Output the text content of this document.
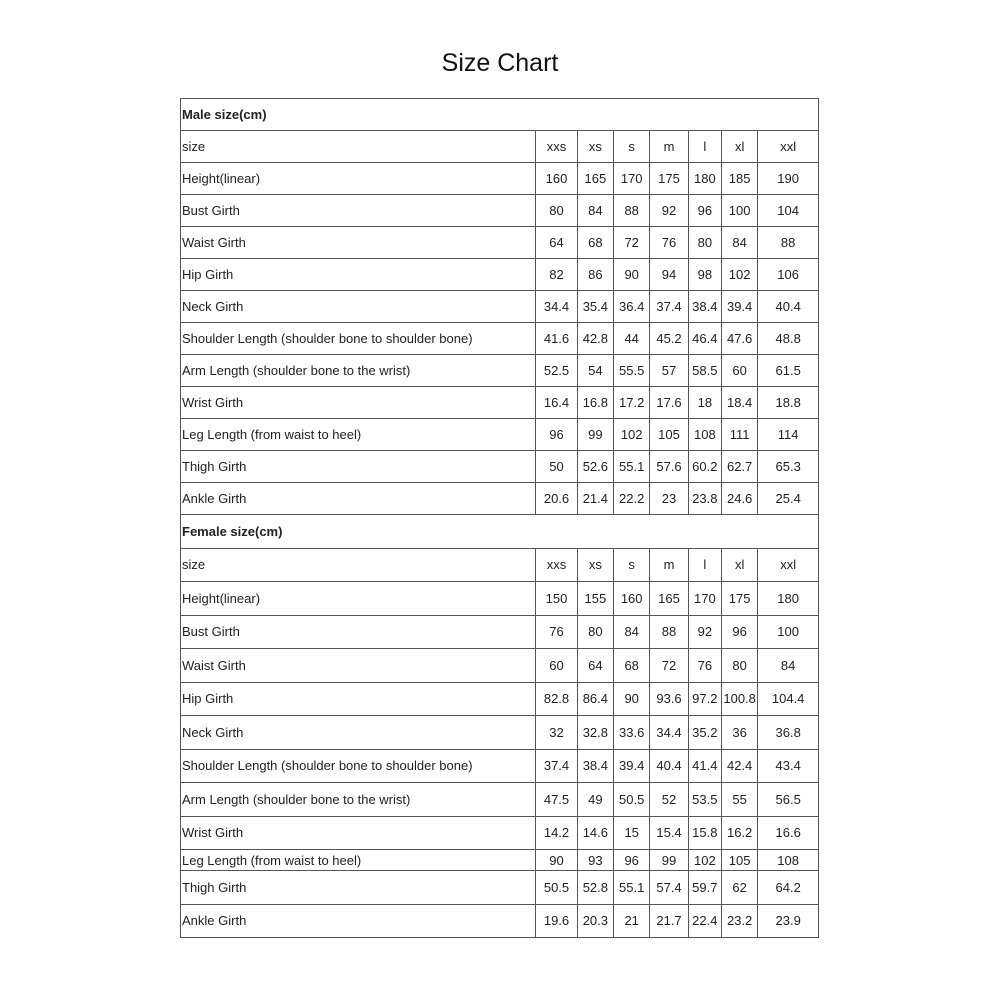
Size Chart
Male size(cm)							
size	xxs	xs	s	m	l	xl	xxl
Height(linear)	160	165	170	175	180	185	190
Bust Girth	80	84	88	92	96	100	104
Waist Girth	64	68	72	76	80	84	88
Hip Girth	82	86	90	94	98	102	106
Neck Girth	34.4	35.4	36.4	37.4	38.4	39.4	40.4
Shoulder Length (shoulder bone to shoulder bone)	41.6	42.8	44	45.2	46.4	47.6	48.8
Arm Length (shoulder bone to the wrist)	52.5	54	55.5	57	58.5	60	61.5
Wrist Girth	16.4	16.8	17.2	17.6	18	18.4	18.8
Leg Length (from waist to heel)	96	99	102	105	108	111	114
Thigh Girth	50	52.6	55.1	57.6	60.2	62.7	65.3
Ankle Girth	20.6	21.4	22.2	23	23.8	24.6	25.4
Female size(cm)							
size	xxs	xs	s	m	l	xl	xxl
Height(linear)	150	155	160	165	170	175	180
Bust Girth	76	80	84	88	92	96	100
Waist Girth	60	64	68	72	76	80	84
Hip Girth	82.8	86.4	90	93.6	97.2	100.8	104.4
Neck Girth	32	32.8	33.6	34.4	35.2	36	36.8
Shoulder Length (shoulder bone to shoulder bone)	37.4	38.4	39.4	40.4	41.4	42.4	43.4
Arm Length (shoulder bone to the wrist)	47.5	49	50.5	52	53.5	55	56.5
Wrist Girth	14.2	14.6	15	15.4	15.8	16.2	16.6
Leg Length (from waist to heel)	90	93	96	99	102	105	108
Thigh Girth	50.5	52.8	55.1	57.4	59.7	62	64.2
Ankle Girth	19.6	20.3	21	21.7	22.4	23.2	23.9
